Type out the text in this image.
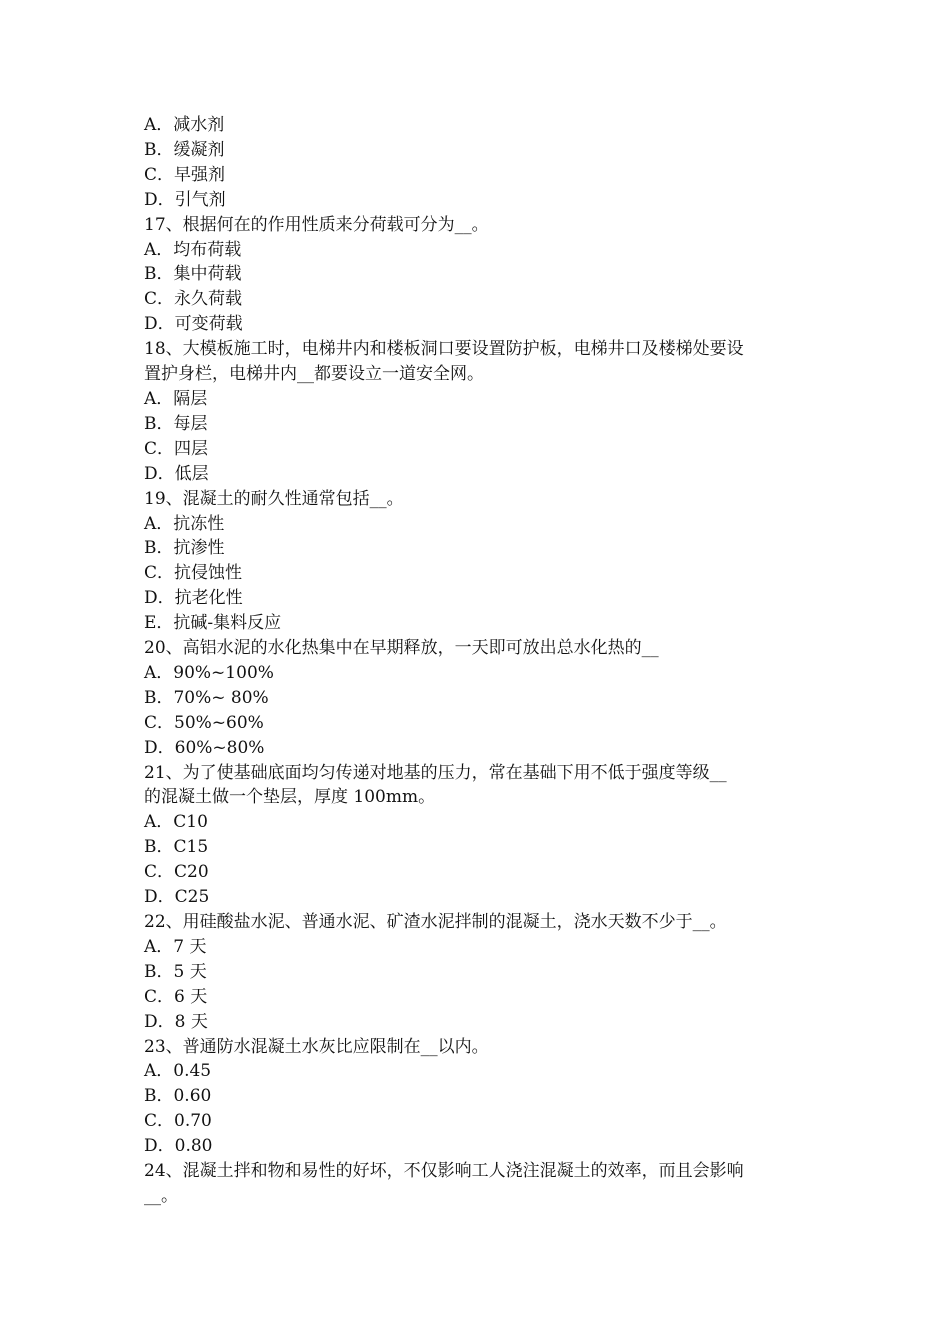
A．减水剂
B．缓凝剂
C．早强剂
D．引气剂
17、根据何在的作用性质来分荷载可分为__。
A．均布荷载
B．集中荷载
C．永久荷载
D．可变荷载
18、大模板施工时，电梯井内和楼板洞口要设置防护板，电梯井口及楼梯处要设
置护身栏，电梯井内__都要设立一道安全网。
A．隔层
B．每层
C．四层
D．低层
19、混凝土的耐久性通常包括__。
A．抗冻性
B．抗渗性
C．抗侵蚀性
D．抗老化性
E．抗碱-集料反应
20、高铝水泥的水化热集中在早期释放，一天即可放出总水化热的__
A．90%~100%
B．70%~ 80%
C．50%~60%
D．60%~80%
21、为了使基础底面均匀传递对地基的压力，常在基础下用不低于强度等级__
的混凝土做一个垫层，厚度 100mm。
A．C10
B．C15
C．C20
D．C25
22、用硅酸盐水泥、普通水泥、矿渣水泥拌制的混凝土，浇水天数不少于__。
A．7 天
B．5 天
C．6 天
D．8 天
23、普通防水混凝土水灰比应限制在__以内。
A．0.45
B．0.60
C．0.70
D．0.80
24、混凝土拌和物和易性的好坏，不仅影响工人浇注混凝土的效率，而且会影响
__。
